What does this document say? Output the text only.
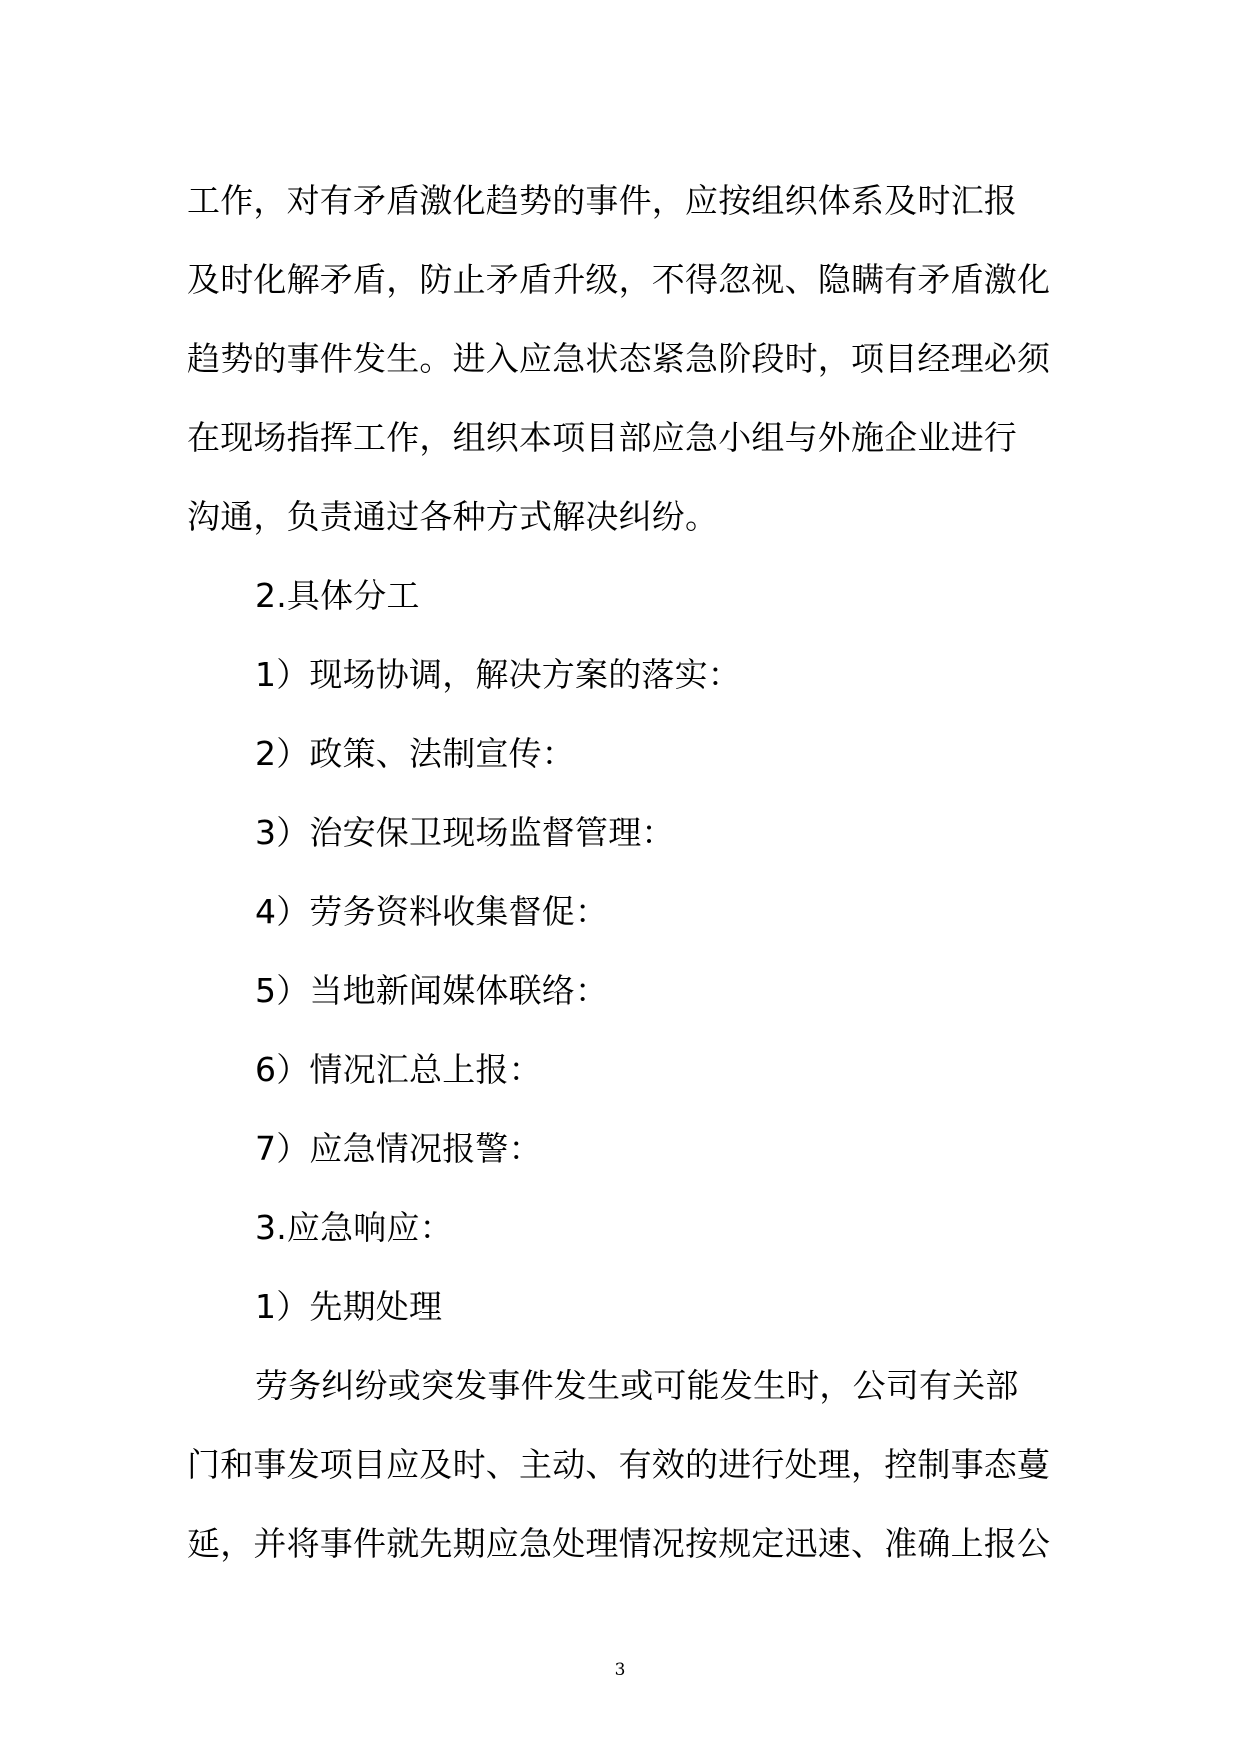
工作，对有矛盾激化趋势的事件，应按组织体系及时汇报
及时化解矛盾，防止矛盾升级，不得忽视、隐瞒有矛盾激化
趋势的事件发生。进入应急状态紧急阶段时，项目经理必须
在现场指挥工作，组织本项目部应急小组与外施企业进行
沟通，负责通过各种方式解决纠纷。
2.具体分工
1）现场协调，解决方案的落实：
2）政策、法制宣传：
3）治安保卫现场监督管理：
4）劳务资料收集督促：
5）当地新闻媒体联络：
6）情况汇总上报：
7）应急情况报警：
3.应急响应：
1）先期处理
劳务纠纷或突发事件发生或可能发生时，公司有关部
门和事发项目应及时、主动、有效的进行处理，控制事态蔓
延，并将事件就先期应急处理情况按规定迅速、准确上报公
3
